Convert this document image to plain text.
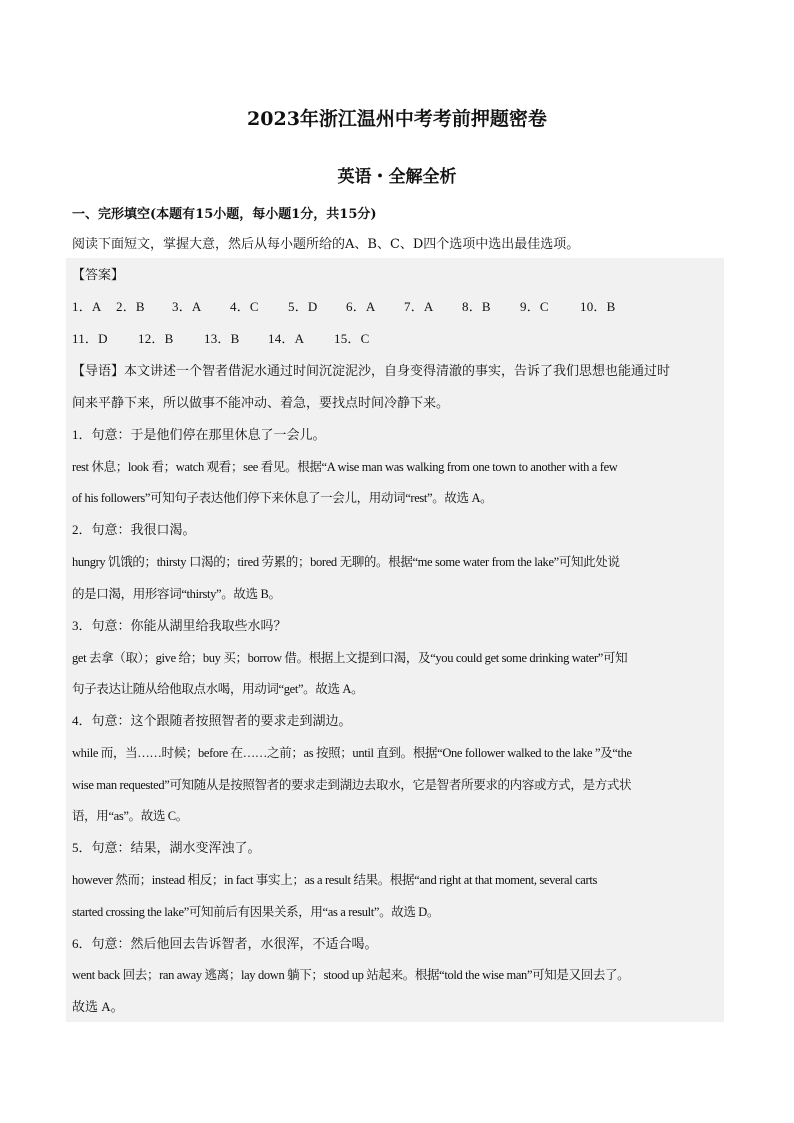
2023年浙江温州中考考前押题密卷
英语・全解全析
一、完形填空(本题有15小题，每小题1分，共15分)
阅读下面短文，掌握大意，然后从每小题所给的A、B、C、D四个选项中选出最佳选项。
【答案】
1．A 2．B 3．A 4．C 5．D 6．A 7．A 8．B 9．C 10．B
11．D 12．B 13．B 14．A 15．C
【导语】本文讲述一个智者借泥水通过时间沉淀泥沙，自身变得清澈的事实，告诉了我们思想也能通过时
间来平静下来，所以做事不能冲动、着急，要找点时间冷静下来。
1．句意：于是他们停在那里休息了一会儿。
rest 休息；look 看；watch 观看；see 看见。根据“A wise man was walking from one town to another with a few
of his followers”可知句子表达他们停下来休息了一会儿，用动词“rest”。故选 A。
2．句意：我很口渴。
hungry 饥饿的；thirsty 口渴的；tired 劳累的；bored 无聊的。根据“me some water from the lake”可知此处说
的是口渴，用形容词“thirsty”。故选 B。
3．句意：你能从湖里给我取些水吗？
get 去拿（取）；give 给；buy 买；borrow 借。根据上文提到口渴，及“you could get some drinking water”可知
句子表达让随从给他取点水喝，用动词“get”。故选 A。
4．句意：这个跟随者按照智者的要求走到湖边。
while 而，当……时候；before 在……之前；as 按照；until 直到。根据“One follower walked to the lake ”及“the
wise man requested”可知随从是按照智者的要求走到湖边去取水，它是智者所要求的内容或方式，是方式状
语，用“as”。故选 C。
5．句意：结果，湖水变浑浊了。
however 然而；instead 相反；in fact 事实上；as a result 结果。根据“and right at that moment, several carts
started crossing the lake”可知前后有因果关系，用“as a result”。故选 D。
6．句意：然后他回去告诉智者，水很浑，不适合喝。
went back 回去；ran away 逃离；lay down 躺下；stood up 站起来。根据“told the wise man”可知是又回去了。
故选 A。
